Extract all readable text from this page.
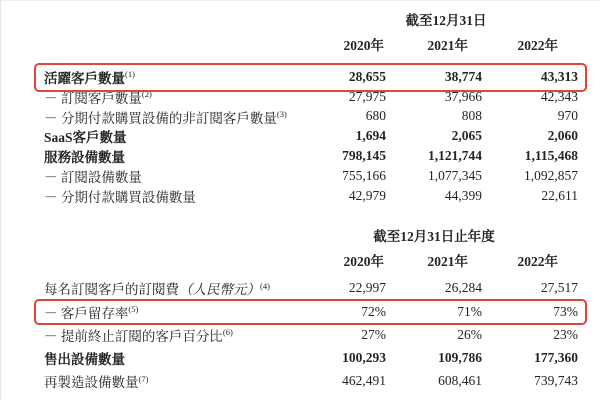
截至12月31日
2020年	2021年	2022年
活躍客戶數量$^{(1)}$	28,655	38,774	43,313
－ 訂閱客戶數量$^{(2)}$	27,975	37,966	42,343
－ 分期付款購買設備的非訂閱客戶數量$^{(3)}$	680	808	970
SaaS客戶數量	1,694	2,065	2,060
服務設備數量	798,145	1,121,744	1,115,468
－ 訂閱設備數量	755,166	1,077,345	1,092,857
－ 分期付款購買設備數量	42,979	44,399	22,611
截至12月31日止年度
2020年	2021年	2022年
每名訂閱客戶的訂閱費（人民幣元）$^{(4)}$	22,997	26,284	27,517
－ 客戶留存率$^{(5)}$	72%	71%	73%
－ 提前終止訂閱的客戶百分比$^{(6)}$	27%	26%	23%
售出設備數量	100,293	109,786	177,360
再製造設備數量$^{(7)}$	462,491	608,461	739,743
